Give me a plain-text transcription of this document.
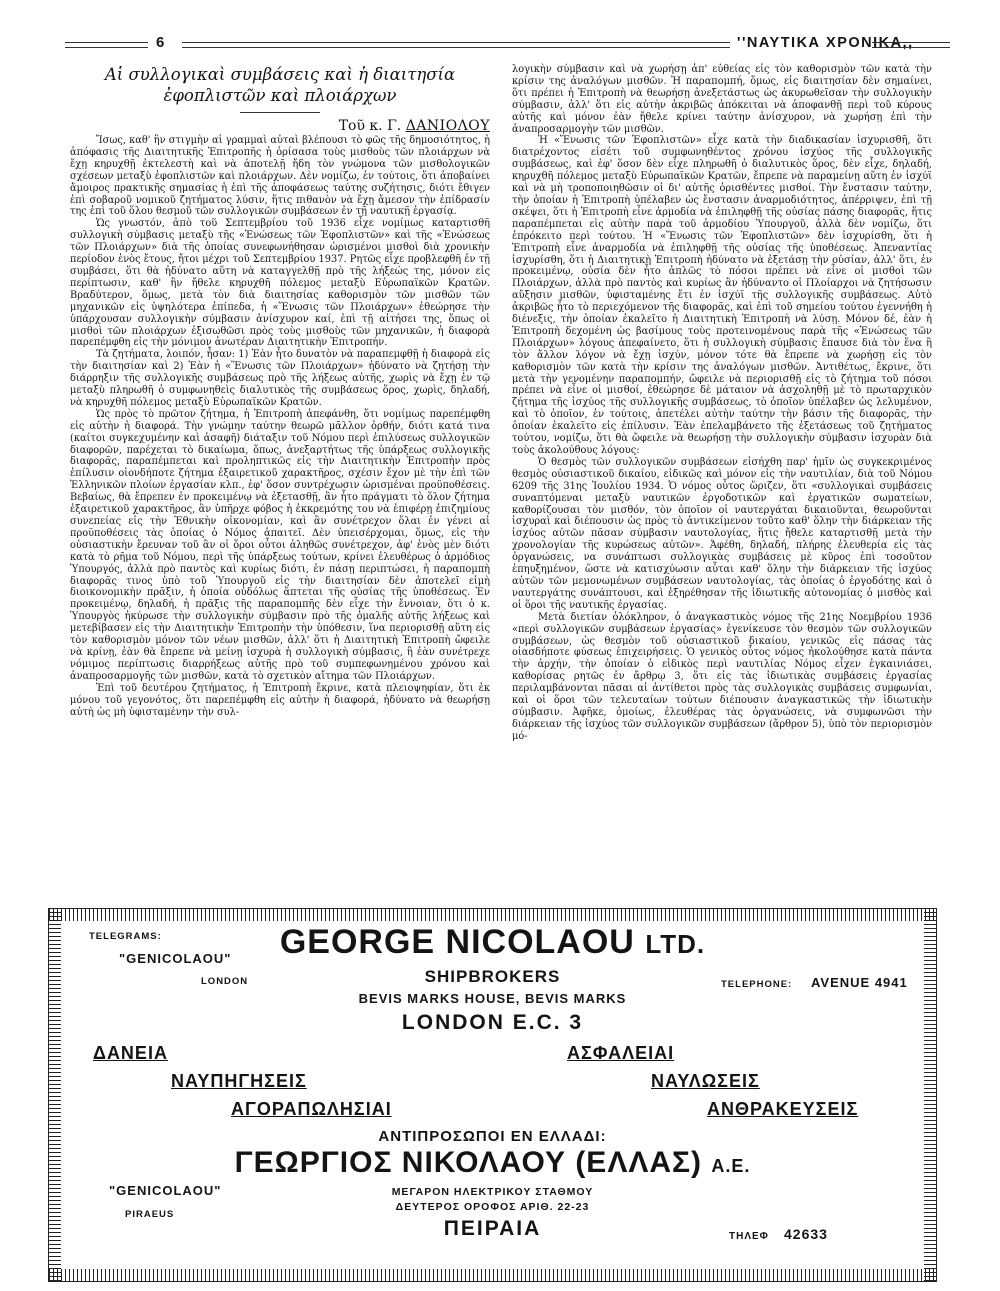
6	''ΝΑΥΤΙΚΑ ΧΡΟΝΙΚΑ,,

Αἱ συλλογικαὶ συμβάσεις καὶ ἡ διαιτησία

ἐφοπλιστῶν καὶ πλοιάρχων

Τοῦ κ. Γ. ΔΑΝΙΟΛΟΥ

Ἴσως, καθ' ἣν στιγμὴν αἱ γραμμαὶ αὐταὶ βλέπουσι τὸ φῶς τῆς δημοσιότητος, ἡ ἀπόφασις τῆς Διαιτητικῆς Ἐπιτροπῆς ἡ ὁρίσασα τοὺς μισθοὺς τῶν πλοιάρχων νὰ ἔχῃ κηρυχθῇ ἐκτελεστὴ καὶ νὰ ἀποτελῇ ἤδη τὸν γνώμονα τῶν μισθολογικῶν σχέσεων μεταξὺ ἐφοπλιστῶν καὶ πλοιάρχων. Δὲν νομίζω, ἐν τούτοις, ὅτι ἀποβαίνει ἄμοιρος πρακτικῆς σημασίας ἡ ἐπὶ τῆς ἀποφάσεως ταύτης συζήτησις, διότι ἔθιγεν ἐπὶ σοβαροῦ νομικοῦ ζητήματος λύσιν, ἥτις πιθανὸν νὰ ἔχῃ ἄμεσον τὴν ἐπίδρασίν της ἐπὶ τοῦ ὅλου θεσμοῦ τῶν συλλογικῶν συμβάσεων ἐν τῇ ναυτικῇ ἐργασίᾳ.

Ὡς γνωστόν, ἀπὸ τοῦ Σεπτεμβρίου τοῦ 1936 εἶχε νομίμως καταρτισθῆ συλλογικὴ σύμβασις μεταξὺ τῆς «Ἑνώσεως τῶν Ἐφοπλιστῶν» καὶ τῆς «Ἑνώσεως τῶν Πλοιάρχων» διὰ τῆς ὁποίας συνεφωνήθησαν ὡρισμένοι μισθοὶ διὰ χρονικὴν περίοδον ἑνὸς ἔτους, ἤτοι μέχρι τοῦ Σεπτεμβρίου 1937. Ρητῶς εἶχε προβλεφθῆ ἐν τῇ συμβάσει, ὅτι θὰ ἠδύνατο αὕτη νὰ καταγγελθῇ πρὸ τῆς λήξεώς της, μόνον εἰς περίπτωσιν, καθ' ἣν ἤθελε κηρυχθῆ πόλεμος μεταξὺ Εὐρωπαϊκῶν Κρατῶν. Βραδύτερον, ὅμως, μετὰ τὸν διὰ διαιτησίας καθορισμὸν τῶν μισθῶν τῶν μηχανικῶν εἰς ὑψηλότερα ἐπίπεδα, ἡ «Ἕνωσις τῶν Πλοιάρχων» ἐθεώρησε τὴν ὑπάρχουσαν συλλογικὴν σύμβασιν ἀνίσχυρον καί, ἐπὶ τῇ αἰτήσει της, ὅπως οἱ μισθοὶ τῶν πλοιάρχων ἐξισωθῶσι πρὸς τοὺς μισθοὺς τῶν μηχανικῶν, ἡ διαφορὰ παρεπέμφθη εἰς τὴν μόνιμον ἀνωτέραν Διαιτητικὴν Ἐπιτροπήν.

Τὰ ζητήματα, λοιπόν, ἦσαν: 1) Ἐὰν ἦτο δυνατὸν νὰ παραπεμφθῇ ἡ διαφορὰ εἰς τὴν διαιτησίαν καὶ 2) Ἐὰν ἡ «Ἕνωσις τῶν Πλοιάρχων» ἠδύνατο νὰ ζητήσῃ τὴν διάρρηξιν τῆς συλλογικῆς συμβάσεως πρὸ τῆς λήξεως αὐτῆς, χωρὶς νὰ ἔχῃ ἐν τῷ μεταξὺ πληρωθῆ ὁ συμφωνηθεὶς διαλυτικὸς τῆς συμβάσεως ὅρος, χωρὶς, δηλαδή, νὰ κηρυχθῆ πόλεμος μεταξὺ Εὐρωπαϊκῶν Κρατῶν.

Ὡς πρὸς τὸ πρῶτον ζήτημα, ἡ Ἐπιτροπὴ ἀπεφάνθη, ὅτι νομίμως παρεπέμφθη εἰς αὐτὴν ἡ διαφορά. Τὴν γνώμην ταύτην θεωρῶ μᾶλλον ὀρθήν, διότι κατά τινα (καίτοι συγκεχυμένην καὶ ἀσαφῆ) διάταξιν τοῦ Νόμου περὶ ἐπιλύσεως συλλογικῶν διαφορῶν, παρέχεται τὸ δικαίωμα, ὅπως, ἀνεξαρτήτως τῆς ὑπάρξεως συλλογικῆς διαφορᾶς, παραπέμπεται καὶ προληπτικῶς εἰς τὴν Διαιτητικὴν Ἐπιτροπὴν πρὸς ἐπίλυσιν οἱονδήποτε ζήτημα ἐξαιρετικοῦ χαρακτῆρος, σχέσιν ἔχον μὲ τὴν ἐπὶ τῶν Ἑλληνικῶν πλοίων ἐργασίαν κλπ., ἐφ' ὅσον συντρέχωσιν ὡρισμέναι προϋποθέσεις. Βεβαίως, θὰ ἔπρεπεν ἐν προκειμένῳ νὰ ἐξετασθῇ, ἂν ἦτο πράγματι τὸ ὅλον ζήτημα ἐξαιρετικοῦ χαρακτῆρος, ἂν ὑπῆρχε φόβος ἡ ἐκκρεμότης του νὰ ἐπιφέρῃ ἐπιζημίους συνεπείας εἰς τὴν Ἐθνικὴν οἰκονομίαν, καὶ ἂν συνέτρεχον ὅλαι ἐν γένει αἱ προϋποθέσεις τὰς ὁποίας ὁ Νόμος ἀπαιτεῖ. Δὲν ὑπεισέρχομαι, ὅμως, εἰς τὴν οὐσιαστικὴν ἔρευναν τοῦ ἂν οἱ ὅροι οὗτοι ἀληθῶς συνέτρεχον, ἀφ' ἑνὸς μὲν διότι κατὰ τὸ ρῆμα τοῦ Νόμου, περὶ τῆς ὑπάρξεως τούτων, κρίνει ἐλευθέρως ὁ ἁρμόδιος Ὑπουργός, ἀλλὰ πρὸ παντὸς καὶ κυρίως διότι, ἐν πάσῃ περιπτώσει, ἡ παραπομπὴ διαφορᾶς τινος ὑπὸ τοῦ Ὑπουργοῦ εἰς τὴν διαιτησίαν δὲν ἀποτελεῖ εἰμὴ διοικονομικὴν πρᾶξιν, ἡ ὁποία οὐδόλως ἅπτεται τῆς οὐσίας τῆς ὑποθέσεως. Ἐν προκειμένῳ, δηλαδή, ἡ πρᾶξις τῆς παραπομπῆς δὲν εἶχε τὴν ἔννοιαν, ὅτι ὁ κ. Ὑπουργὸς ἠκύρωσε τὴν συλλογικὴν σύμβασιν πρὸ τῆς ὁμαλῆς αὐτῆς λήξεως καὶ μετεβίβασεν εἰς τὴν Διαιτητικὴν Ἐπιτροπὴν τὴν ὑπόθεσιν, ἵνα περιορισθῇ αὕτη εἰς τὸν καθορισμὸν μόνον τῶν νέων μισθῶν, ἀλλ' ὅτι ἡ Διαιτητικὴ Ἐπιτροπὴ ὤφειλε νὰ κρίνῃ, ἐὰν θὰ ἔπρεπε νὰ μείνῃ ἰσχυρὰ ἡ συλλογικὴ σύμβασις, ἢ ἐὰν συνέτρεχε νόμιμος περίπτωσις διαρρήξεως αὐτῆς πρὸ τοῦ συμπεφωνημένου χρόνου καὶ ἀναπροσαρμογῆς τῶν μισθῶν, κατὰ τὸ σχετικὸν αἴτημα τῶν Πλοιάρχων.

Ἐπὶ τοῦ δευτέρου ζητήματος, ἡ Ἐπιτροπὴ ἔκρινε, κατὰ πλειοψηφίαν, ὅτι ἐκ μόνου τοῦ γεγονότος, ὅτι παρεπέμφθη εἰς αὐτὴν ἡ διαφορά, ἠδύνατο νὰ θεωρήσῃ αὐτὴ ὡς μὴ ὑφισταμένην τὴν συλ-

λογικὴν σύμβασιν καὶ νὰ χωρήσῃ ἀπ' εὐθείας εἰς τὸν καθορισμὸν τῶν κατὰ τὴν κρίσιν της ἀναλόγων μισθῶν. Ἡ παραπομπή, ὅμως, εἰς διαιτησίαν δὲν σημαίνει, ὅτι πρέπει ἡ Ἐπιτροπὴ νὰ θεωρήσῃ ἀνεξετάστως ὡς ἀκυρωθεῖσαν τὴν συλλογικὴν σύμβασιν, ἀλλ' ὅτι εἰς αὐτὴν ἀκριβῶς ἀπόκειται νὰ ἀποφανθῇ περὶ τοῦ κύρους αὐτῆς καὶ μόνον ἐὰν ἤθελε κρίνει ταύτην ἀνίσχυρον, νὰ χωρήσῃ ἐπὶ τὴν ἀναπροσαρμογὴν τῶν μισθῶν.

Ἡ «Ἕνωσις τῶν Ἐφοπλιστῶν» εἶχε κατὰ τὴν διαδικασίαν ἰσχυρισθῆ, ὅτι διατρέχοντος εἰσέτι τοῦ συμφωνηθέντος χρόνου ἰσχύος τῆς συλλογικῆς συμβάσεως, καὶ ἐφ' ὅσον δὲν εἶχε πληρωθῆ ὁ διαλυτικὸς ὅρος, δὲν εἶχε, δηλαδή, κηρυχθῆ πόλεμος μεταξὺ Εὐρωπαϊκῶν Κρατῶν, ἔπρεπε νὰ παραμείνῃ αὕτη ἐν ἰσχύϊ καὶ νὰ μὴ τροποποιηθῶσιν οἱ δι' αὐτῆς ὁρισθέντες μισθοί. Τὴν ἔνστασιν ταύτην, τὴν ὁποίαν ἡ Ἐπιτροπὴ ὑπέλαβεν ὡς ἔνστασιν ἀναρμοδιότητος, ἀπέρριψεν, ἐπὶ τῇ σκέψει, ὅτι ἡ Ἐπιτροπὴ εἶνε ἁρμοδία νὰ ἐπιληφθῇ τῆς οὐσίας πάσης διαφορᾶς, ἥτις παραπέμπεται εἰς αὐτὴν παρὰ τοῦ ἁρμοδίου Ὑπουργοῦ, ἀλλὰ δὲν νομίζω, ὅτι ἐπρόκειτο περὶ τούτου. Ἡ «Ἕνωσις τῶν Ἐφοπλιστῶν» δὲν ἰσχυρίσθη, ὅτι ἡ Ἐπιτροπὴ εἶνε ἀναρμοδία νὰ ἐπιληφθῇ τῆς οὐσίας τῆς ὑποθέσεως. Ἀπεναντίας ἰσχυρίσθη, ὅτι ἡ Διαιτητικὴ Ἐπιτροπὴ ἠδύνατο νὰ ἐξετάσῃ τὴν οὐσίαν, ἀλλ' ὅτι, ἐν προκειμένῳ, οὐσία δὲν ἦτο ἁπλῶς τὸ πόσοι πρέπει νὰ εἶνε οἱ μισθοὶ τῶν Πλοιάρχων, ἀλλὰ πρὸ παντὸς καὶ κυρίως ἂν ἠδύναντο οἱ Πλοίαρχοι νὰ ζητήσωσιν αὔξησιν μισθῶν, ὑφισταμένης ἔτι ἐν ἰσχύϊ τῆς συλλογικῆς συμβάσεως. Αὐτὸ ἀκριβῶς ἦτο τὸ περιεχόμενον τῆς διαφορᾶς, καὶ ἐπὶ τοῦ σημείου τούτου ἐγεννήθη ἡ διένεξις, τὴν ὁποίαν ἐκαλεῖτο ἡ Διαιτητικὴ Ἐπιτροπὴ νὰ λύσῃ. Μόνον δέ, ἐὰν ἡ Ἐπιτροπὴ δεχομένη ὡς βασίμους τοὺς προτεινομένους παρὰ τῆς «Ἑνώσεως τῶν Πλοιάρχων» λόγους ἀπεφαίνετο, ὅτι ἡ συλλογικὴ σύμβασις ἔπαυσε διὰ τὸν ἕνα ἢ τὸν ἄλλον λόγον νὰ ἔχῃ ἰσχύν, μόνον τότε θὰ ἔπρεπε νὰ χωρήσῃ εἰς τὸν καθορισμὸν τῶν κατὰ τὴν κρίσιν της ἀναλόγων μισθῶν. Ἀντιθέτως, ἔκρινε, ὅτι μετὰ τὴν γενομένην παραπομπήν, ὤφειλε νὰ περιορισθῇ εἰς τὸ ζήτημα τοῦ πόσοι πρέπει νὰ εἶνε οἱ μισθοί, ἐθεώρησε δὲ μάταιον νὰ ἀσχοληθῇ μὲ τὸ πρωταρχικὸν ζήτημα τῆς ἰσχύος τῆς συλλογικῆς συμβάσεως, τὸ ὁποῖον ὑπέλαβεν ὡς λελυμένον, καὶ τὸ ὁποῖον, ἐν τούτοις, ἀπετέλει αὐτὴν ταύτην τὴν βάσιν τῆς διαφορᾶς, τὴν ὁποίαν ἐκαλεῖτο εἰς ἐπίλυσιν. Ἐὰν ἐπελαμβάνετο τῆς ἐξετάσεως τοῦ ζητήματος τούτου, νομίζω, ὅτι θὰ ὤφειλε νὰ θεωρήσῃ τὴν συλλογικὴν σύμβασιν ἰσχυρὰν διὰ τοὺς ἀκολούθους λόγους:

Ὁ θεσμὸς τῶν συλλογικῶν συμβάσεων εἰσήχθη παρ' ἡμῖν ὡς συγκεκριμένος θεσμὸς οὐσιαστικοῦ δικαίου, εἰδικῶς καὶ μόνον εἰς τὴν ναυτιλίαν, διὰ τοῦ Νόμου 6209 τῆς 31ης Ἰουλίου 1934. Ὁ νόμος οὗτος ὥριζεν, ὅτι «συλλογικαὶ συμβάσεις συναπτόμεναι μεταξὺ ναυτικῶν ἐργοδοτικῶν καὶ ἐργατικῶν σωματείων, καθορίζουσαι τὸν μισθόν, τὸν ὁποῖον οἱ ναυτεργάται δικαιοῦνται, θεωροῦνται ἰσχυραὶ καὶ διέπουσιν ὡς πρὸς τὸ ἀντικείμενον τοῦτο καθ' ὅλην τὴν διάρκειαν τῆς ἰσχύος αὐτῶν πᾶσαν σύμβασιν ναυτολογίας, ἥτις ἤθελε καταρτισθῇ μετὰ τὴν χρονολογίαν τῆς κυρώσεως αὐτῶν». Ἀφέθη, δηλαδή, πλήρης ἐλευθερία εἰς τὰς ὀργανώσεις, να συνάπτωσι συλλογικὰς συμβάσεις μὲ κῦρος ἐπὶ τοσοῦτον ἐπηυξημένον, ὥστε νὰ κατισχύωσιν αὗται καθ' ὅλην τὴν διάρκειαν τῆς ἰσχύος αὐτῶν τῶν μεμονωμένων συμβάσεων ναυτολογίας, τὰς ὁποίας ὁ ἐργοδότης καὶ ὁ ναυτεργάτης συνάπτουσι, καὶ ἐξηρέθησαν τῆς ἰδιωτικῆς αὐτονομίας ὁ μισθὸς καὶ οἱ ὅροι τῆς ναυτικῆς ἐργασίας.

Μετὰ διετίαν ὁλόκληρον, ὁ ἀναγκαστικὸς νόμος τῆς 21ης Νοεμβρίου 1936 «περὶ συλλογικῶν συμβάσεων ἐργασίας» ἐγενίκευσε τὸν θεσμὸν τῶν συλλογικῶν συμβάσεων, ὡς θεσμὸν τοῦ οὐσιαστικοῦ δικαίου, γενικῶς εἰς πάσας τὰς οἱασδήποτε φύσεως ἐπιχειρήσεις. Ὁ γενικὸς οὗτος νόμος ἠκολούθησε κατὰ πάντα τὴν ἀρχήν, τὴν ὁποίαν ὁ εἰδικὸς περὶ ναυτιλίας Νόμος εἶχεν ἐγκαινιάσει, καθορίσας ρητῶς ἐν ἄρθρῳ 3, ὅτι εἰς τὰς ἰδιωτικὰς συμβάσεις ἐργασίας περιλαμβάνονται πᾶσαι αἱ ἀντίθετοι πρὸς τὰς συλλογικὰς συμβάσεις συμφωνίαι, καὶ οἱ ὅροι τῶν τελευταίων τούτων διέπουσιν ἀναγκαστικῶς τὴν ἰδιωτικὴν σύμβασιν. Ἀφῆκε, ὁμοίως, ἐλευθέρας τὰς ὀργανώσεις, νὰ συμφωνῶσι τὴν διάρκειαν τῆς ἰσχύος τῶν συλλογικῶν συμβάσεων (ἄρθρον 5), ὑπὸ τὸν περιορισμὸν μό-

TELEGRAMS:
"GENICOLAOU"
LONDON
GEORGE NICOLAOU LTD.
SHIPBROKERS
BEVIS MARKS HOUSE, BEVIS MARKS
LONDON E.C. 3
TELEPHONE: AVENUE 4941
ΔΑΝΕΙΑ
ΝΑΥΠΗΓΗΣΕΙΣ
ΑΓΟΡΑΠΩΛΗΣΙΑΙ
ΑΣΦΑΛΕΙΑΙ
ΝΑΥΛΩΣΕΙΣ
ΑΝΘΡΑΚΕΥΣΕΙΣ
ΑΝΤΙΠΡΟΣΩΠΟΙ ΕΝ ΕΛΛΑΔΙ:
ΓΕΩΡΓΙΟΣ ΝΙΚΟΛΑΟΥ (ΕΛΛΑΣ) Α.Ε.
"GENICOLAOU"
PIRAEUS
ΜΕΓΑΡΟΝ ΗΛΕΚΤΡΙΚΟΥ ΣΤΑΘΜΟΥ
ΔΕΥΤΕΡΟΣ ΟΡΟΦΟΣ ΑΡΙΘ. 22-23
ΠΕΙΡΑΙΑ	ΤΗΛΕΦ 42633
